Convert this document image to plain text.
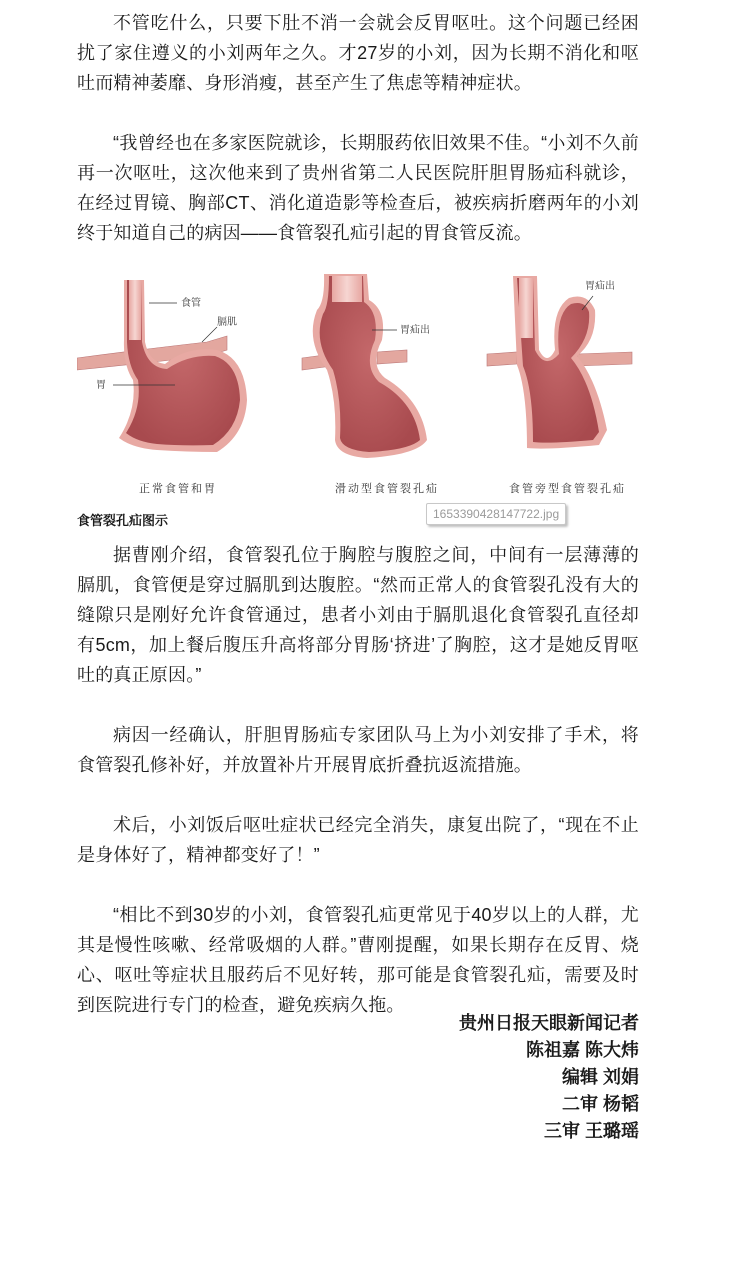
不管吃什么，只要下肚不消一会就会反胃呕吐。这个问题已经困扰了家住遵义的小刘两年之久。才27岁的小刘，因为长期不消化和呕吐而精神萎靡、身形消瘦，甚至产生了焦虑等精神症状。

“我曾经也在多家医院就诊，长期服药依旧效果不佳。“小刘不久前再一次呕吐，这次他来到了贵州省第二人民医院肝胆胃肠疝科就诊，在经过胃镜、胸部CT、消化道造影等检查后，被疾病折磨两年的小刘终于知道自己的病因——食管裂孔疝引起的胃食管反流。

食管
膈肌
胃
胃疝出
胃疝出
正常食管和胃	滑动型食管裂孔疝	食管旁型食管裂孔疝

食管裂孔疝图示	1653390428147722.jpg

据曹刚介绍，食管裂孔位于胸腔与腹腔之间，中间有一层薄薄的膈肌，食管便是穿过膈肌到达腹腔。“然而正常人的食管裂孔没有大的缝隙只是刚好允许食管通过，患者小刘由于膈肌退化食管裂孔直径却有5cm，加上餐后腹压升高将部分胃肠‘挤进’了胸腔，这才是她反胃呕吐的真正原因。”

病因一经确认，肝胆胃肠疝专家团队马上为小刘安排了手术，将食管裂孔修补好，并放置补片开展胃底折叠抗返流措施。

术后，小刘饭后呕吐症状已经完全消失，康复出院了，“现在不止是身体好了，精神都变好了！”

“相比不到30岁的小刘，食管裂孔疝更常见于40岁以上的人群，尤其是慢性咳嗽、经常吸烟的人群。”曹刚提醒，如果长期存在反胃、烧心、呕吐等症状且服药后不见好转，那可能是食管裂孔疝，需要及时到医院进行专门的检查，避免疾病久拖。

贵州日报天眼新闻记者
陈祖嘉 陈大炜
编辑 刘娟
二审 杨韬
三审 王璐瑶
